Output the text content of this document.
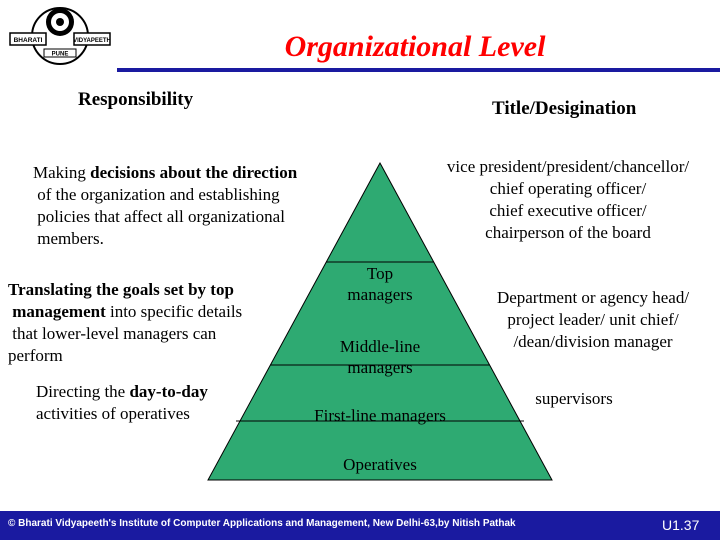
BHARATI	VIDYAPEETH
PUNE	Organizational Level
Responsibility	Title/Desigination
Making decisions about the direction
of the organization and establishing
policies that affect all organizational
members.
Translating the goals set by top
management into specific details
that lower-level managers can
perform
Directing the day-to-day
activities of operatives
Top
managers
Middle-line
managers
First-line managers
Operatives
vice president/president/chancellor/
chief operating officer/
chief executive officer/
chairperson of the board
Department or agency head/
project leader/ unit chief/
/dean/division manager
supervisors
© Bharati Vidyapeeth's Institute of Computer Applications and Management, New Delhi-63,by Nitish Pathak	U1.37
